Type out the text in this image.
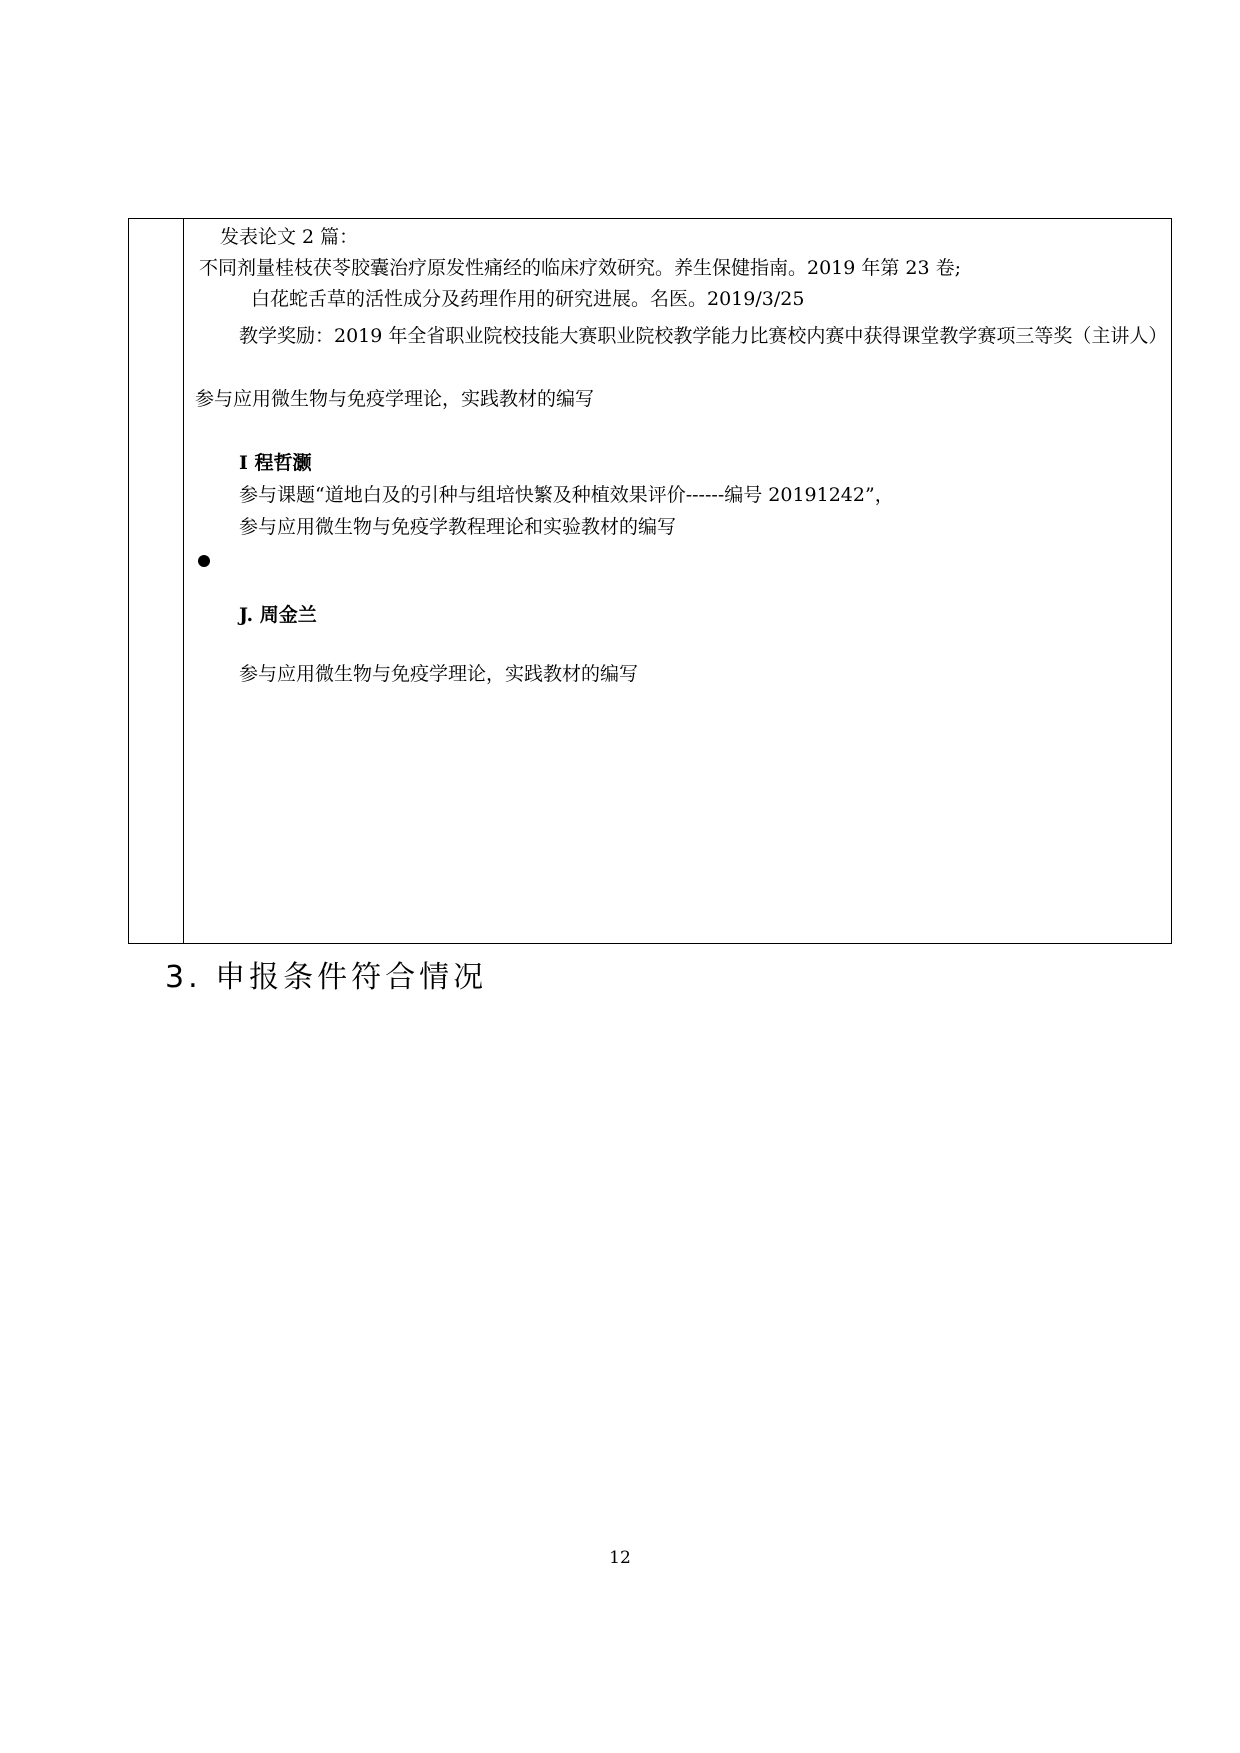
发表论文 2 篇：
不同剂量桂枝茯苓胶囊治疗原发性痛经的临床疗效研究。养生保健指南。2019 年第 23 卷;
白花蛇舌草的活性成分及药理作用的研究进展。名医。2019/3/25
教学奖励：2019 年全省职业院校技能大赛职业院校教学能力比赛校内赛中获得课堂教学赛项三等奖（主讲人）
参与应用微生物与免疫学理论，实践教材的编写
I 程哲灏
参与课题“道地白及的引种与组培快繁及种植效果评价------编号 20191242”，
参与应用微生物与免疫学教程理论和实验教材的编写
J. 周金兰
参与应用微生物与免疫学理论，实践教材的编写
3. 申报条件符合情况
12
